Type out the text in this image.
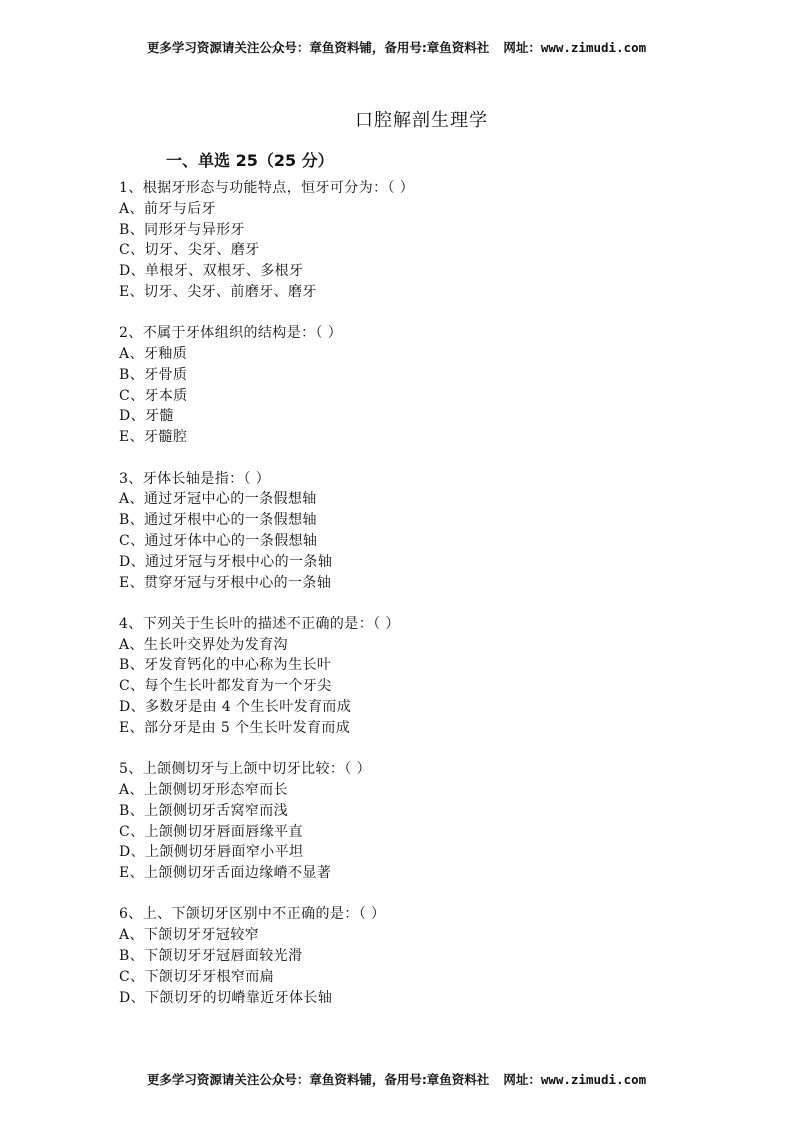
更多学习资源请关注公众号：章鱼资料铺，备用号:章鱼资料社 网址：www.zimudi.com
口腔解剖生理学
一、单选 25（25 分）
1、根据牙形态与功能特点，恒牙可分为：（ ）
A、前牙与后牙
B、同形牙与异形牙
C、切牙、尖牙、磨牙
D、单根牙、双根牙、多根牙
E、切牙、尖牙、前磨牙、磨牙
2、不属于牙体组织的结构是：（ ）
A、牙釉质
B、牙骨质
C、牙本质
D、牙髓
E、牙髓腔
3、牙体长轴是指：（ ）
A、通过牙冠中心的一条假想轴
B、通过牙根中心的一条假想轴
C、通过牙体中心的一条假想轴
D、通过牙冠与牙根中心的一条轴
E、贯穿牙冠与牙根中心的一条轴
4、下列关于生长叶的描述不正确的是：（ ）
A、生长叶交界处为发育沟
B、牙发育钙化的中心称为生长叶
C、每个生长叶都发育为一个牙尖
D、多数牙是由 4 个生长叶发育而成
E、部分牙是由 5 个生长叶发育而成
5、上颌侧切牙与上颌中切牙比较：（ ）
A、上颌侧切牙形态窄而长
B、上颌侧切牙舌窝窄而浅
C、上颌侧切牙唇面唇缘平直
D、上颌侧切牙唇面窄小平坦
E、上颌侧切牙舌面边缘嵴不显著
6、上、下颌切牙区别中不正确的是：（ ）
A、下颌切牙牙冠较窄
B、下颌切牙牙冠唇面较光滑
C、下颌切牙牙根窄而扁
D、下颌切牙的切嵴靠近牙体长轴
更多学习资源请关注公众号：章鱼资料铺，备用号:章鱼资料社 网址：www.zimudi.com
